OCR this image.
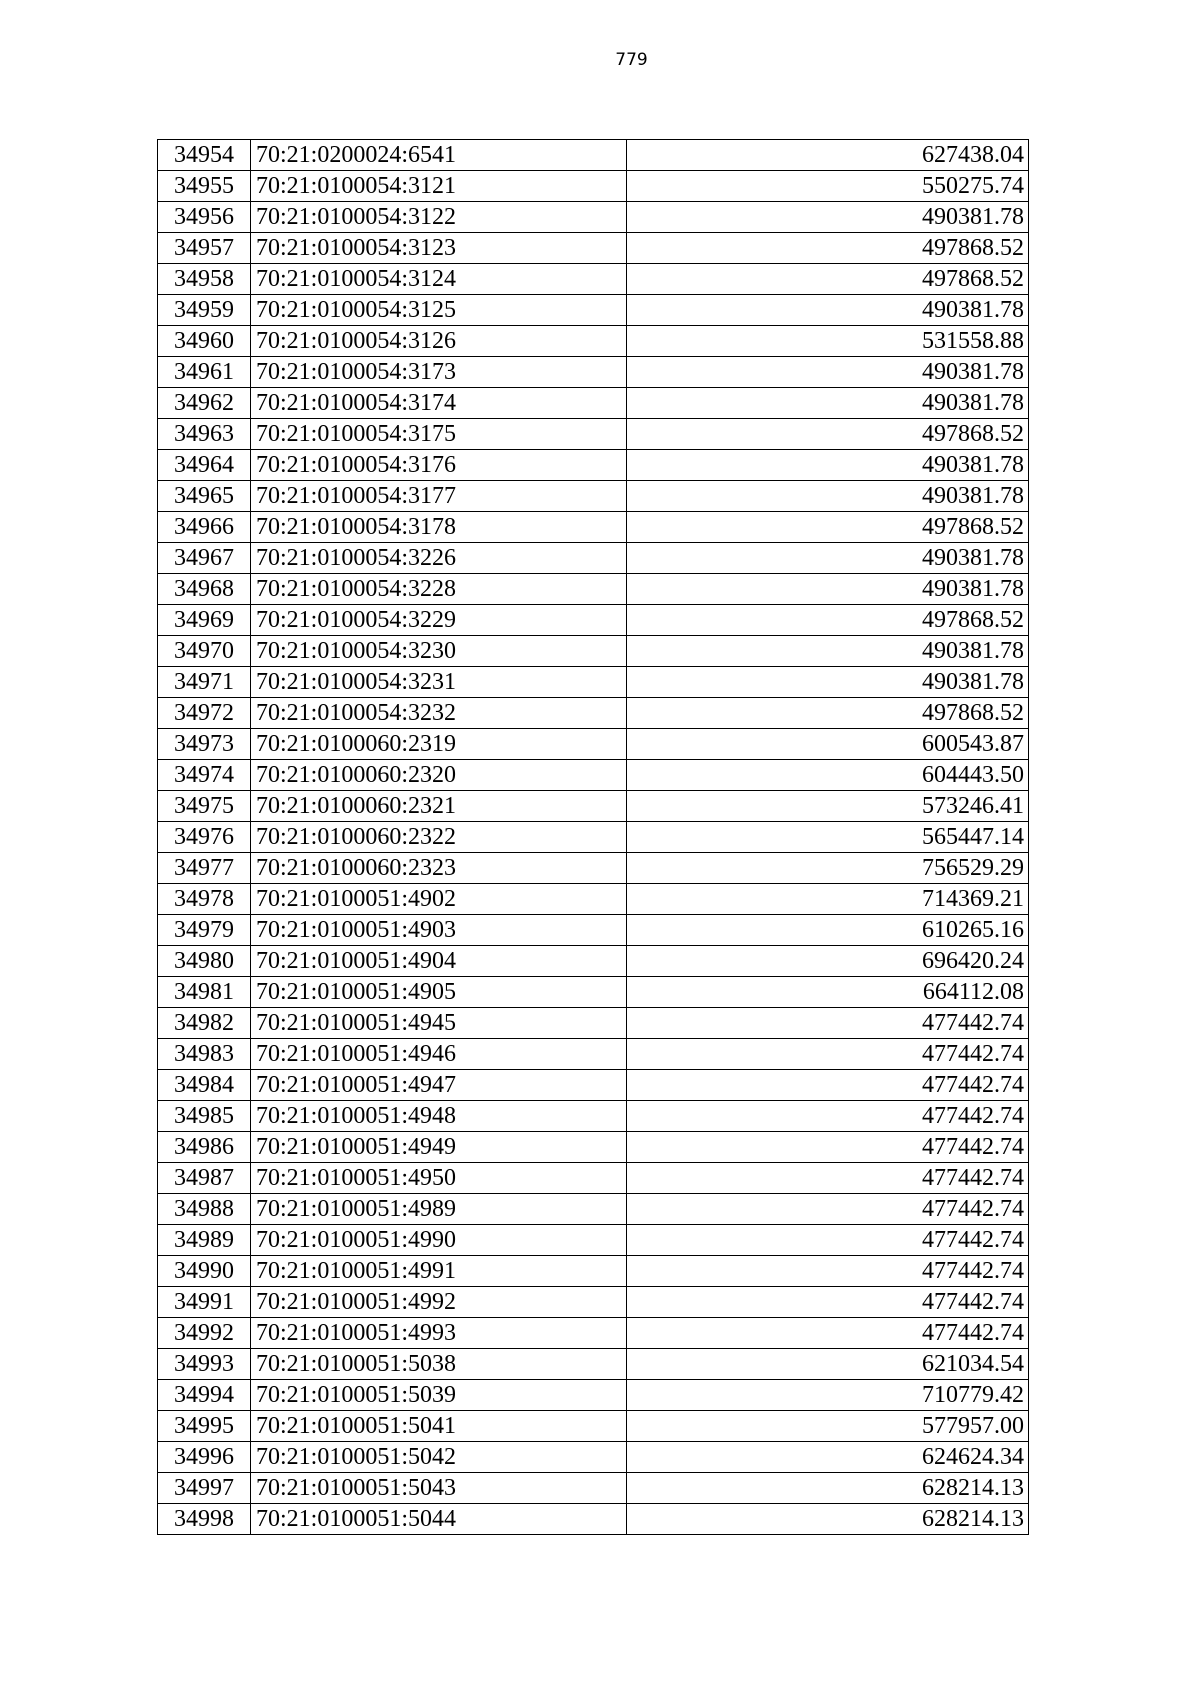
779
34954	70:21:0200024:6541	627438.04
34955	70:21:0100054:3121	550275.74
34956	70:21:0100054:3122	490381.78
34957	70:21:0100054:3123	497868.52
34958	70:21:0100054:3124	497868.52
34959	70:21:0100054:3125	490381.78
34960	70:21:0100054:3126	531558.88
34961	70:21:0100054:3173	490381.78
34962	70:21:0100054:3174	490381.78
34963	70:21:0100054:3175	497868.52
34964	70:21:0100054:3176	490381.78
34965	70:21:0100054:3177	490381.78
34966	70:21:0100054:3178	497868.52
34967	70:21:0100054:3226	490381.78
34968	70:21:0100054:3228	490381.78
34969	70:21:0100054:3229	497868.52
34970	70:21:0100054:3230	490381.78
34971	70:21:0100054:3231	490381.78
34972	70:21:0100054:3232	497868.52
34973	70:21:0100060:2319	600543.87
34974	70:21:0100060:2320	604443.50
34975	70:21:0100060:2321	573246.41
34976	70:21:0100060:2322	565447.14
34977	70:21:0100060:2323	756529.29
34978	70:21:0100051:4902	714369.21
34979	70:21:0100051:4903	610265.16
34980	70:21:0100051:4904	696420.24
34981	70:21:0100051:4905	664112.08
34982	70:21:0100051:4945	477442.74
34983	70:21:0100051:4946	477442.74
34984	70:21:0100051:4947	477442.74
34985	70:21:0100051:4948	477442.74
34986	70:21:0100051:4949	477442.74
34987	70:21:0100051:4950	477442.74
34988	70:21:0100051:4989	477442.74
34989	70:21:0100051:4990	477442.74
34990	70:21:0100051:4991	477442.74
34991	70:21:0100051:4992	477442.74
34992	70:21:0100051:4993	477442.74
34993	70:21:0100051:5038	621034.54
34994	70:21:0100051:5039	710779.42
34995	70:21:0100051:5041	577957.00
34996	70:21:0100051:5042	624624.34
34997	70:21:0100051:5043	628214.13
34998	70:21:0100051:5044	628214.13
